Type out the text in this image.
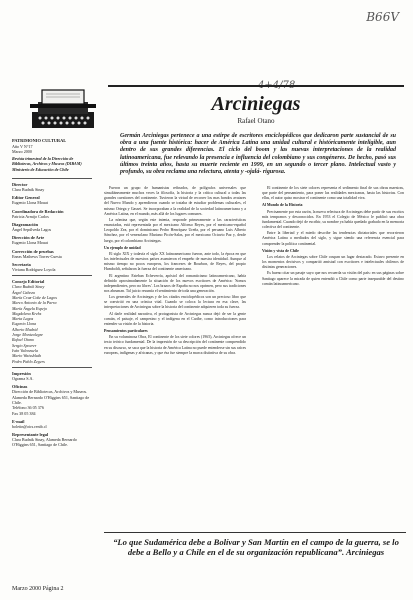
B66V
Arciniegas
Rafael Otano
Germán Arciniegas pertenece a una estirpe de escritores enciclopédicos que dedicaron parte sustancial de su obra a una fuente histórica: hacer de América Latina una unidad cultural e históricamente inteligible, aun dentro de sus grandes diferencias. El ciclo del boom y las nuevas interpretaciones de la realidad latinoamericana, fue relevando la presencia e influencia del colombiano y sus congéneres. De hecho, pasó sus últimos treinta años, hasta su muerte reciente en 1999, en un segundo o tercer plano. Intelectual vasto y profundo, su obra reclama una relectura, atenta y -ojalá- rigurosa.
PATRIMONIO CULTURAL
Año V N°17
Marzo 2000
Revista trimestral de la Dirección de Bibliotecas, Archivos y Museos (DIBAM) Ministerio de Educación de Chile
Director
Clara Budnik Sinay
Editor General
Eugenio Llona Mouat
Coordinadora de Redacción
Patricia Armijo Carlos
Diagramación
Ángel Sepúlveda Lagos
Dirección de Arte
Eugenio Llona Mouat
Corrección de pruebas
Eneas Mathews Torres-Cuesta
Secretaria
Viviana Rodríguez Loyola
Consejo Editorial
Clara Budnik Sinay
Ángel Cabeza
María Cruz-Coke de Lagos
Marco Antonio de la Parra
María Ángela Espejo
Magdalena Krebs
Marta Lagos
Eugenio Llona
Alberto Madrid
Jorge Montealegre
Rafael Otano
Sergio Spoerer
Iván Valenzuela
Mario Waissbluth
Pedro Pablo Zegers
Impresión
Ograma S.A.
Oficinas
Dirección de Bibliotecas, Archivos y Museos. Alameda Bernardo O'Higgins 651, Santiago de Chile.
Teléfono 36 05 376
Fax 38 05 384
E-mail
boletin@oirs.renib.cl
Representante legal
Clara Budnik Sinay, Alameda Bernardo O'Higgins 651, Santiago de Chile.

Fueron un grupo de humanistas refinados, de polígrafos universales que simultáneamente muchos veces la filosofía, la historia y la crítica cultural a todas las grandes cuestiones del continente. Tuvieron la virtud de recorrer los mas hondos avatares del Nuevo Mundo y aprendieron cuando se trataba de estudiar problemas culturales, el mismo Ortega y Gasset. Se incorporaban a la realidad de la sociedad latinoamericana y a América Latina, en el mundo, más allá de los lugares comunes.

La nómina que, según este intenta, responde primeramente a las características enunciadas, está representada por el mexicano Alfonso Reyes, por el mexicano-español Leopoldo Zea, por el dominicano Pedro Henríquez Ureña, por el peruano Luis Alberto Sánchez, por el venezolano Mariano Picón-Salas, por el mexicano Octavio Paz y, desde luego, por el colombiano Arciniegas.

Un ejemplo de unidad

El siglo XIX y todavía el siglo XX latinoamericano fueron, ante todo, la época en que los intelectuales de nuestros países asumieron el empeño de nuestra identidad. Aunque al mismo tiempo no pocos europeos, los franceses de Bourbon, de Reyes, del propio Humboldt, señalaron la fuerza del continente americano.

El argentino Esteban Echeverría, apóstol del romanticismo latinoamericano, había definido aproximadamente la situación de los nuevos escritores de América: 'Somos independientes, pero no libres'. Los brazos de España no nos oprimen, pero sus tradiciones nos abruman. Tal juicio resumía el sentimiento de toda una generación.

Los generales de Arciniegas y de los citados enciclopédicos son un precioso libro que se convirtió en una crónica vital. Cuando se coloca la lectura en esa clave, las interpretaciones de Arciniegas sobre la historia del continente adquieren toda su fuerza.

Al darle realidad narrativa, el protagonista de Arciniegas nunca dejó de ser la gente común, el paisaje, el campesino y el indígena en el Caribe, como introducciones para entender su visión de la historia.

Pensamientos particulares

En su voluminosa Obra, El continente de los siete colores (1965), Arciniegas ofrece un texto teórico fundamental. De la impresión de su descripción del continente comprendido en su discurso, se saca que la historia de América Latina no puede entenderse sin sus raíces europeas, indígenas y africanas, y que ésa fue siempre la marca distintiva de su obra.

El continente de los siete colores representa el sedimento final de sus obras maestras, que parte del pensamiento, para poner las realidades mexicanas, hasta las historias. Con ellas, el autor quiso mostrar el continente como una totalidad viva.

Al Mundo de la Historia

Precisamente por esta razón, la nueva relectura de Arciniegas debe partir de sus escritos más tempranos y desconocidos. En 1953 el Colegio de México le publicó una obra fundamental. Cuando dejó de escribir, su nombre ya había quedado grabado en la memoria colectiva del continente.

Entre la libertad y el miedo describe las tendencias dictatoriales que recorrieron América Latina a mediados del siglo, y sigue siendo una referencia esencial para comprender la política continental.

Visión y vista de Chile

Los relatos de Arciniegas sobre Chile ocupan un lugar destacado. Estuvo presente en los momentos decisivos y compartió amistad con escritores e intelectuales chilenos de distintas generaciones.

Es bueno citar un pasaje suyo que nos recuerda su visión del país: en sus páginas sobre Santiago aparece la mirada de quien entendió a Chile como parte inseparable del destino común latinoamericano.

“Lo que Sudamérica debe a Bolívar y San Martín en el campo de la guerra, se lo debe a Bello y a Chile en el de su organización republicana”. Arciniegas
Marzo 2000 Página 2
